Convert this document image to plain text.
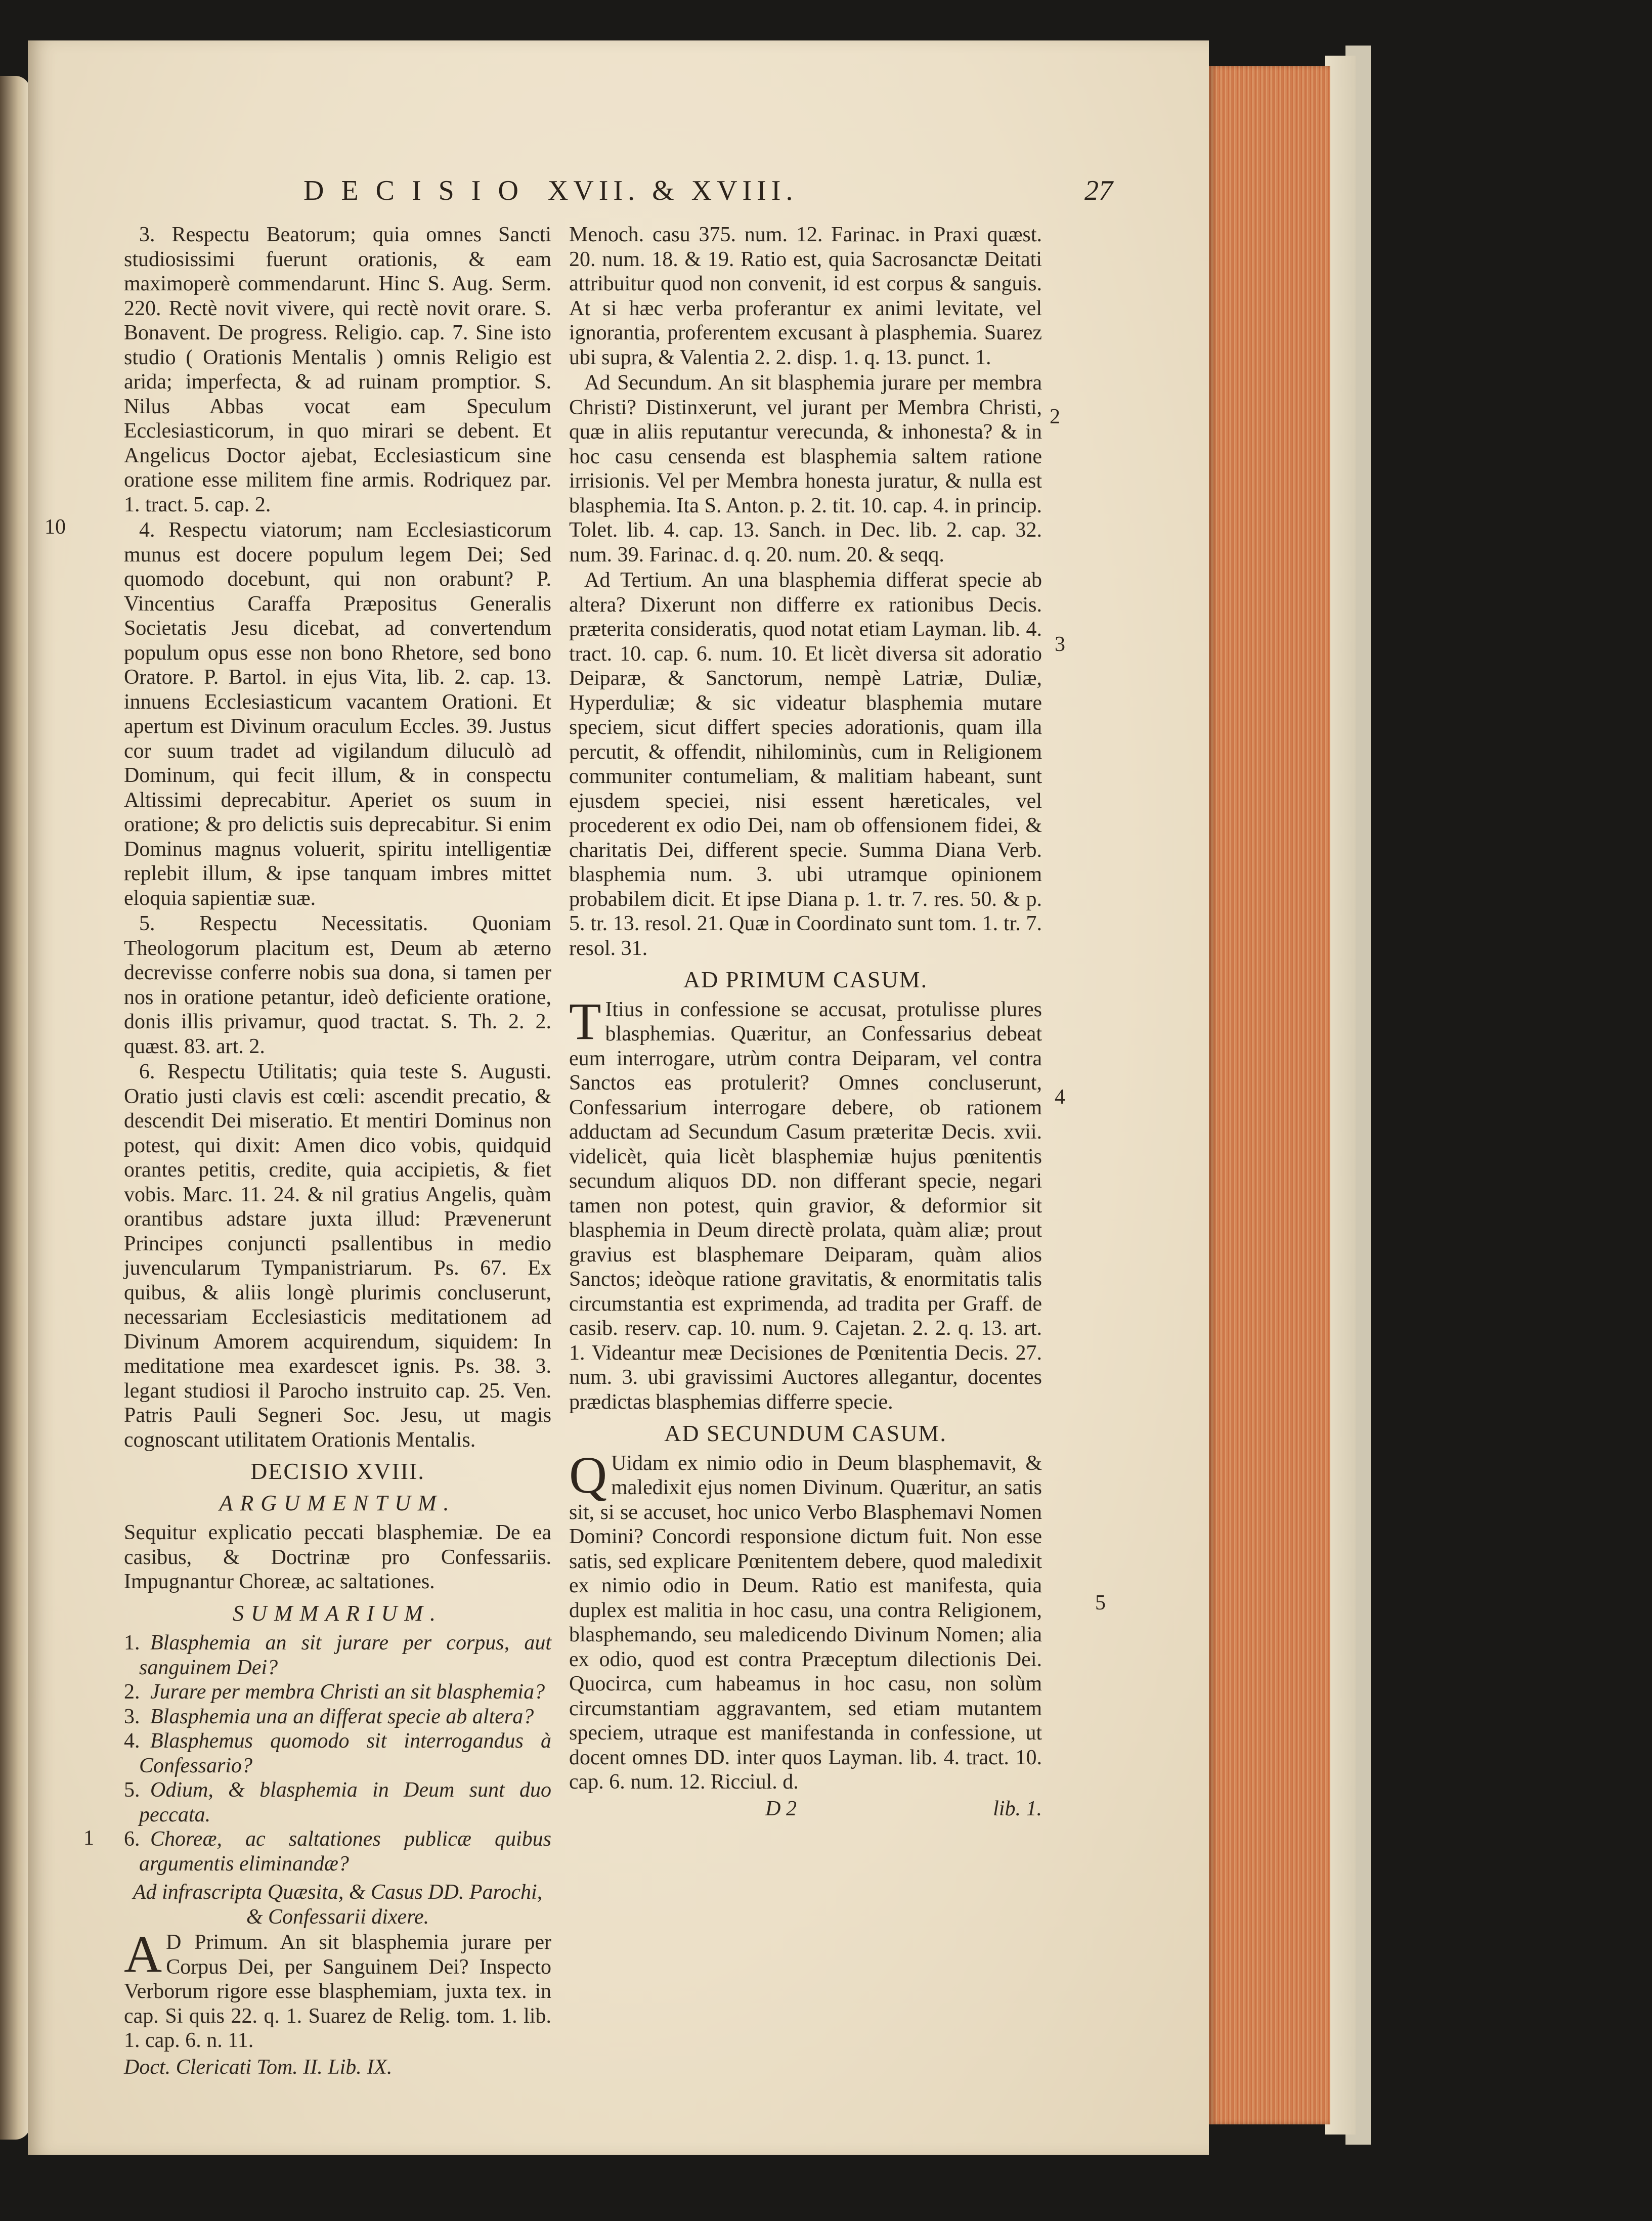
DECISIO XVII. & XVIII.	27
10
1
2
3
4
5

3. Respectu Beatorum; quia omnes Sancti studiosissimi fuerunt orationis, & eam maximoperè commendarunt. Hinc S. Aug. Serm. 220. Rectè novit vivere, qui rectè novit orare. S. Bonavent. De progress. Religio. cap. 7. Sine isto studio ( Orationis Mentalis ) omnis Religio est arida; imperfecta, & ad ruinam promptior. S. Nilus Abbas vocat eam Speculum Ecclesiasticorum, in quo mirari se debent. Et Angelicus Doctor ajebat, Ecclesiasticum sine oratione esse militem fine armis. Rodriquez par. 1. tract. 5. cap. 2.

4. Respectu viatorum; nam Ecclesiasticorum munus est docere populum legem Dei; Sed quomodo docebunt, qui non orabunt? P. Vincentius Caraffa Præpositus Generalis Societatis Jesu dicebat, ad convertendum populum opus esse non bono Rhetore, sed bono Oratore. P. Bartol. in ejus Vita, lib. 2. cap. 13. innuens Ecclesiasticum vacantem Orationi. Et apertum est Divinum oraculum Eccles. 39. Justus cor suum tradet ad vigilandum diluculò ad Dominum, qui fecit illum, & in conspectu Altissimi deprecabitur. Aperiet os suum in oratione; & pro delictis suis deprecabitur. Si enim Dominus magnus voluerit, spiritu intelligentiæ replebit illum, & ipse tanquam imbres mittet eloquia sapientiæ suæ.

5. Respectu Necessitatis. Quoniam Theologorum placitum est, Deum ab æterno decrevisse conferre nobis sua dona, si tamen per nos in oratione petantur, ideò deficiente oratione, donis illis privamur, quod tractat. S. Th. 2. 2. quæst. 83. art. 2.

6. Respectu Utilitatis; quia teste S. Augusti. Oratio justi clavis est cœli: ascendit precatio, & descendit Dei miseratio. Et mentiri Dominus non potest, qui dixit: Amen dico vobis, quidquid orantes petitis, credite, quia accipietis, & fiet vobis. Marc. 11. 24. & nil gratius Angelis, quàm orantibus adstare juxta illud: Prævenerunt Principes conjuncti psallentibus in medio juvencularum Tympanistriarum. Ps. 67. Ex quibus, & aliis longè plurimis concluserunt, necessariam Ecclesiasticis meditationem ad Divinum Amorem acquirendum, siquidem: In meditatione mea exardescet ignis. Ps. 38. 3. legant studiosi il Parocho instruito cap. 25. Ven. Patris Pauli Segneri Soc. Jesu, ut magis cognoscant utilitatem Orationis Mentalis.

DECISIO XVIII.

ARGUMENTUM.

Sequitur explicatio peccati blasphemiæ. De ea casibus, & Doctrinæ pro Confessariis. Impugnantur Choreæ, ac saltationes.

SUMMARIUM.

1. Blasphemia an sit jurare per corpus, aut sanguinem Dei?
2. Jurare per membra Christi an sit blasphemia?
3. Blasphemia una an differat specie ab altera?
4. Blasphemus quomodo sit interrogandus à Confessario?
5. Odium, & blasphemia in Deum sunt duo peccata.
6. Choreæ, ac saltationes publicæ quibus argumentis eliminandæ?

Ad infrascripta Quæsita, & Casus DD. Parochi, & Confessarii dixere.

A D Primum. An sit blasphemia jurare per Corpus Dei, per Sanguinem Dei? Inspecto Verborum rigore esse blasphemiam, juxta tex. in cap. Si quis 22. q. 1. Suarez de Relig. tom. 1. lib. 1. cap. 6. n. 11.

Doct. Clericati Tom. II. Lib. IX.

Menoch. casu 375. num. 12. Farinac. in Praxi quæst. 20. num. 18. & 19. Ratio est, quia Sacrosanctæ Deitati attribuitur quod non convenit, id est corpus & sanguis. At si hæc verba proferantur ex animi levitate, vel ignorantia, proferentem excusant à plasphemia. Suarez ubi supra, & Valentia 2. 2. disp. 1. q. 13. punct. 1.

Ad Secundum. An sit blasphemia jurare per membra Christi? Distinxerunt, vel jurant per Membra Christi, quæ in aliis reputantur verecunda, & inhonesta? & in hoc casu censenda est blasphemia saltem ratione irrisionis. Vel per Membra honesta juratur, & nulla est blasphemia. Ita S. Anton. p. 2. tit. 10. cap. 4. in princip. Tolet. lib. 4. cap. 13. Sanch. in Dec. lib. 2. cap. 32. num. 39. Farinac. d. q. 20. num. 20. & seqq.

Ad Tertium. An una blasphemia differat specie ab altera? Dixerunt non differre ex rationibus Decis. præterita consideratis, quod notat etiam Layman. lib. 4. tract. 10. cap. 6. num. 10. Et licèt diversa sit adoratio Deiparæ, & Sanctorum, nempè Latriæ, Duliæ, Hyperduliæ; & sic videatur blasphemia mutare speciem, sicut differt species adorationis, quam illa percutit, & offendit, nihilominùs, cum in Religionem communiter contumeliam, & malitiam habeant, sunt ejusdem speciei, nisi essent hæreticales, vel procederent ex odio Dei, nam ob offensionem fidei, & charitatis Dei, different specie. Summa Diana Verb. blasphemia num. 3. ubi utramque opinionem probabilem dicit. Et ipse Diana p. 1. tr. 7. res. 50. & p. 5. tr. 13. resol. 21. Quæ in Coordinato sunt tom. 1. tr. 7. resol. 31.

AD PRIMUM CASUM.

T Itius in confessione se accusat, protulisse plures blasphemias. Quæritur, an Confessarius debeat eum interrogare, utrùm contra Deiparam, vel contra Sanctos eas protulerit? Omnes concluserunt, Confessarium interrogare debere, ob rationem adductam ad Secundum Casum præteritæ Decis. xvii. videlicèt, quia licèt blasphemiæ hujus pœnitentis secundum aliquos DD. non differant specie, negari tamen non potest, quin gravior, & deformior sit blasphemia in Deum directè prolata, quàm aliæ; prout gravius est blasphemare Deiparam, quàm alios Sanctos; ideòque ratione gravitatis, & enormitatis talis circumstantia est exprimenda, ad tradita per Graff. de casib. reserv. cap. 10. num. 9. Cajetan. 2. 2. q. 13. art. 1. Videantur meæ Decisiones de Pœnitentia Decis. 27. num. 3. ubi gravissimi Auctores allegantur, docentes prædictas blasphemias differre specie.

AD SECUNDUM CASUM.

Q Uidam ex nimio odio in Deum blasphemavit, & maledixit ejus nomen Divinum. Quæritur, an satis sit, si se accuset, hoc unico Verbo Blasphemavi Nomen Domini? Concordi responsione dictum fuit. Non esse satis, sed explicare Pœnitentem debere, quod maledixit ex nimio odio in Deum. Ratio est manifesta, quia duplex est malitia in hoc casu, una contra Religionem, blasphemando, seu maledicendo Divinum Nomen; alia ex odio, quod est contra Præceptum dilectionis Dei. Quocirca, cum habeamus in hoc casu, non solùm circumstantiam aggravantem, sed etiam mutantem speciem, utraque est manifestanda in confessione, ut docent omnes DD. inter quos Layman. lib. 4. tract. 10. cap. 6. num. 12. Ricciul. d.

D 2	lib. 1.
